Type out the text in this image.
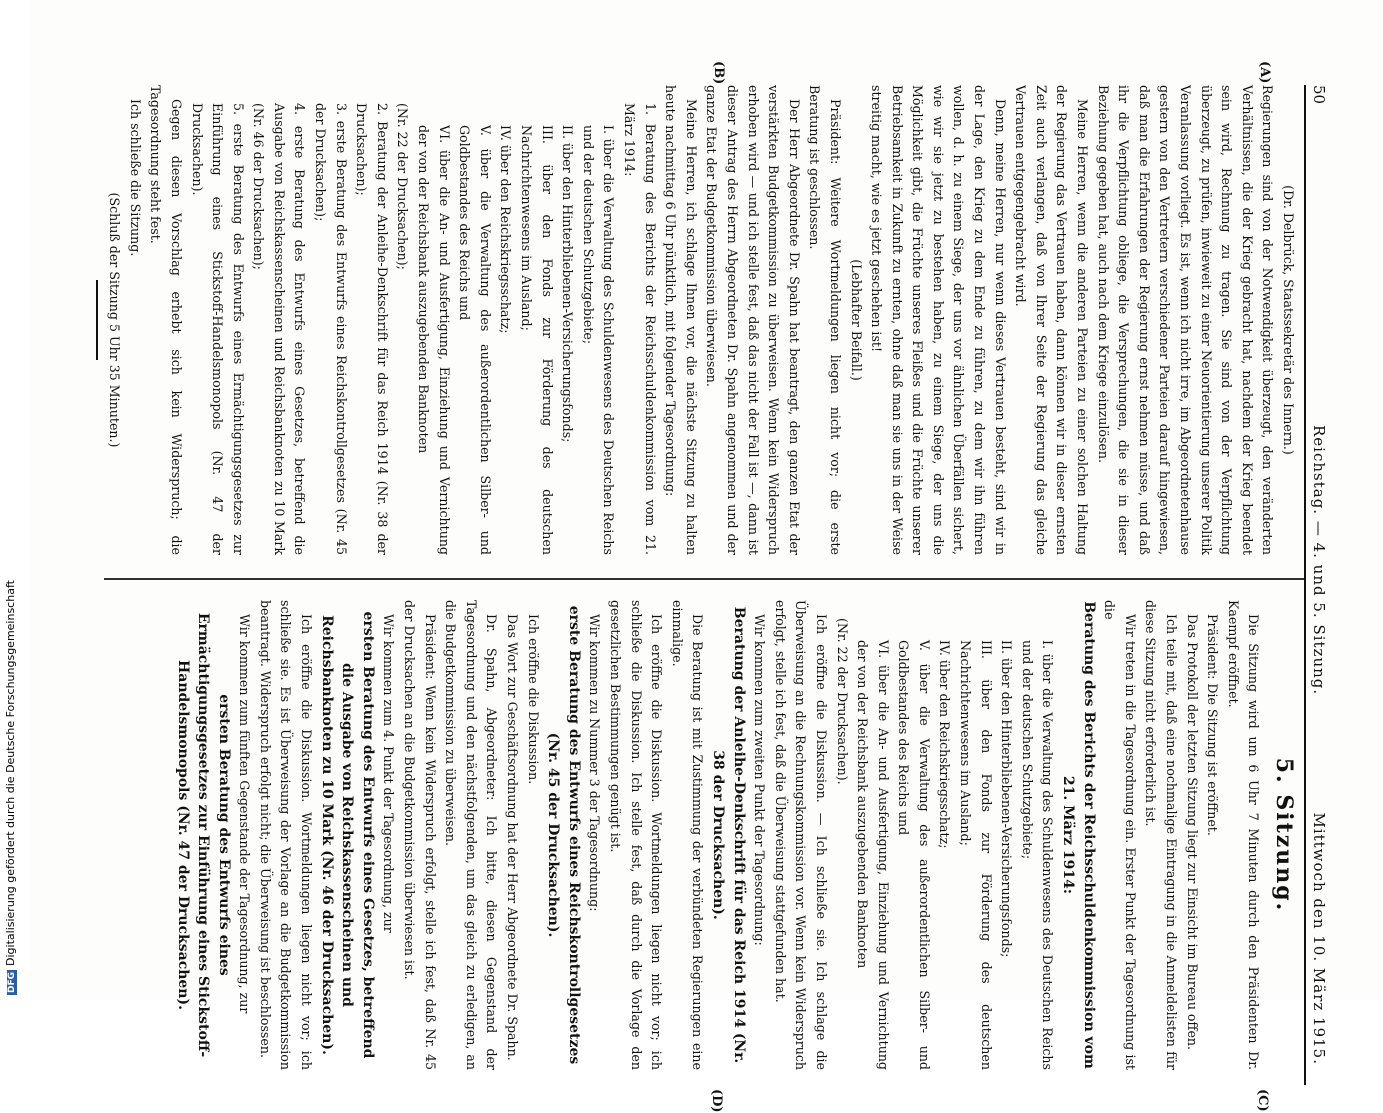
DFGDigitalisierung gefördert durch die Deutsche Forschungsgemeinschaft
50
Reichstag. — 4. und 5. Sitzung.
Mittwoch den 10. März 1915.
(A)
(B)
(C)
(D)

(Dr. Delbrück, Staatssekretär des Innern.)

Regierungen sind von der Notwendigkeit überzeugt, den veränderten Verhältnissen, die der Krieg gebracht hat, nachdem der Krieg beendet sein wird, Rechnung zu tragen. Sie sind von der Verpflichtung überzeugt, zu prüfen, inwieweit zu einer Neuorientierung unserer Politik Veranlassung vorliegt. Es ist, wenn ich nicht irre, im Abgeordnetenhause gestern von den Vertretern verschiedener Parteien darauf hingewiesen, daß man die Erfahrungen der Regierung ernst nehmen müsse, und daß ihr die Verpflichtung obliege, die Versprechungen, die sie in dieser Beziehung gegeben hat, auch nach dem Kriege einzulösen.

Meine Herren, wenn die anderen Parteien zu einer solchen Haltung der Regierung das Vertrauen haben, dann können wir in dieser ernsten Zeit auch verlangen, daß von Ihrer Seite der Regierung das gleiche Vertrauen entgegengebracht wird.

Denn, meine Herren, nur wenn dieses Vertrauen besteht, sind wir in der Lage, den Krieg zu dem Ende zu führen, zu dem wir ihn führen wollen, d. h. zu einem Siege, der uns vor ähnlichen Überfällen sichert, wie wir sie jetzt zu bestehen haben, zu einem Siege, der uns die Möglichkeit gibt, die Früchte unseres Fleißes und die Früchte unserer Betriebsamkeit in Zukunft zu ernten, ohne daß man sie uns in der Weise streitig macht, wie es jetzt geschehen ist!

(Lebhafter Beifall.)

Präsident: Weitere Wortmeldungen liegen nicht vor; die erste Beratung ist geschlossen.

Der Herr Abgeordnete Dr. Spahn hat beantragt, den ganzen Etat der verstärkten Budgetkommission zu überweisen. Wenn kein Widerspruch erhoben wird — und ich stelle fest, daß das nicht der Fall ist —, dann ist dieser Antrag des Herrn Abgeordneten Dr. Spahn angenommen und der ganze Etat der Budgetkommission überwiesen.

Meine Herren, ich schlage Ihnen vor, die nächste Sitzung zu halten heute nachmittag 6 Uhr pünktlich, mit folgender Tagesordnung:

1. Beratung des Berichts der Reichsschuldenkommission vom 21. März 1914:

I. über die Verwaltung des Schuldenwesens des Deutschen Reichs und der deutschen Schutzgebiete;

II. über den Hinterbliebenen-Versicherungsfonds;

III. über den Fonds zur Förderung des deutschen Nachrichtenwesens im Ausland;

IV. über den Reichskriegsschatz;

V. über die Verwaltung des außerordentlichen Silber- und Goldbestandes des Reichs und

VI. über die An- und Ausfertigung, Einziehung und Vernichtung der von der Reichsbank auszugebenden Banknoten

(Nr. 22 der Drucksachen);

2. Beratung der Anleihe-Denkschrift für das Reich 1914 (Nr. 38 der Drucksachen);

3. erste Beratung des Entwurfs eines Reichskontrollgesetzes (Nr. 45 der Drucksachen);

4. erste Beratung des Entwurfs eines Gesetzes, betreffend die Ausgabe von Reichskassenscheinen und Reichsbanknoten zu 10 Mark (Nr. 46 der Drucksachen);

5. erste Beratung des Entwurfs eines Ermächtigungsgesetzes zur Einführung eines Stickstoff-Handelsmonopols (Nr. 47 der Drucksachen).

Gegen diesen Vorschlag erhebt sich kein Widerspruch; die Tagesordnung steht fest.

Ich schließe die Sitzung.

(Schluß der Sitzung 5 Uhr 35 Minuten.)

5. Sitzung.

Die Sitzung wird um 6 Uhr 7 Minuten durch den Präsidenten Dr. Kaempf eröffnet.

Präsident: Die Sitzung ist eröffnet.

Das Protokoll der letzten Sitzung liegt zur Einsicht im Bureau offen.

Ich teile mit, daß eine nochmalige Eintragung in die Anmeldelisten für diese Sitzung nicht erforderlich ist.

Wir treten in die Tagesordnung ein. Erster Punkt der Tagesordnung ist die

Beratung des Berichts der Reichsschuldenkommission vom 21. März 1914:

I. über die Verwaltung des Schuldenwesens des Deutschen Reichs und der deutschen Schutzgebiete;

II. über den Hinterbliebenen-Versicherungsfonds;

III. über den Fonds zur Förderung des deutschen Nachrichtenwesens im Ausland;

IV. über den Reichskriegsschatz;

V. über die Verwaltung des außerordentlichen Silber- und Goldbestandes des Reichs und

VI. über die An- und Ausfertigung, Einziehung und Vernichtung der von der Reichsbank auszugebenden Banknoten

(Nr. 22 der Drucksachen).

Ich eröffne die Diskussion. — Ich schließe sie. Ich schlage die Überweisung an die Rechnungskommission vor. Wenn kein Widerspruch erfolgt, stelle ich fest, daß die Überweisung stattgefunden hat.

Wir kommen zum zweiten Punkt der Tagesordnung:

Beratung der Anleihe-Denkschrift für das Reich 1914 (Nr. 38 der Drucksachen).

Die Beratung ist mit Zustimmung der verbündeten Regierungen eine einmalige.

Ich eröffne die Diskussion. Wortmeldungen liegen nicht vor; ich schließe die Diskussion. Ich stelle fest, daß durch die Vorlage den gesetzlichen Bestimmungen genügt ist.

Wir kommen zu Nummer 3 der Tagesordnung:

erste Beratung des Entwurfs eines Reichskontrollgesetzes (Nr. 45 der Drucksachen).

Ich eröffne die Diskussion.

Das Wort zur Geschäftsordnung hat der Herr Abgeordnete Dr. Spahn.

Dr. Spahn, Abgeordneter: Ich bitte, diesen Gegenstand der Tagesordnung und den nächstfolgenden, um das gleich zu erledigen, an die Budgetkommission zu überweisen.

Präsident: Wenn kein Widerspruch erfolgt, stelle ich fest, daß Nr. 45 der Drucksachen an die Budgetkommission überwiesen ist.

Wir kommen zum 4. Punkt der Tagesordnung, zur

ersten Beratung des Entwurfs eines Gesetzes, betreffend die Ausgabe von Reichskassenscheinen und Reichsbanknoten zu 10 Mark (Nr. 46 der Drucksachen).

Ich eröffne die Diskussion. Wortmeldungen liegen nicht vor; ich schließe sie. Es ist Überweisung der Vorlage an die Budgetkommission beantragt. Widerspruch erfolgt nicht; die Überweisung ist beschlossen.

Wir kommen zum fünften Gegenstande der Tagesordnung, zur

ersten Beratung des Entwurfs eines Ermächtigungsgesetzes zur Einführung eines Stickstoff-Handelsmonopols (Nr. 47 der Drucksachen).
